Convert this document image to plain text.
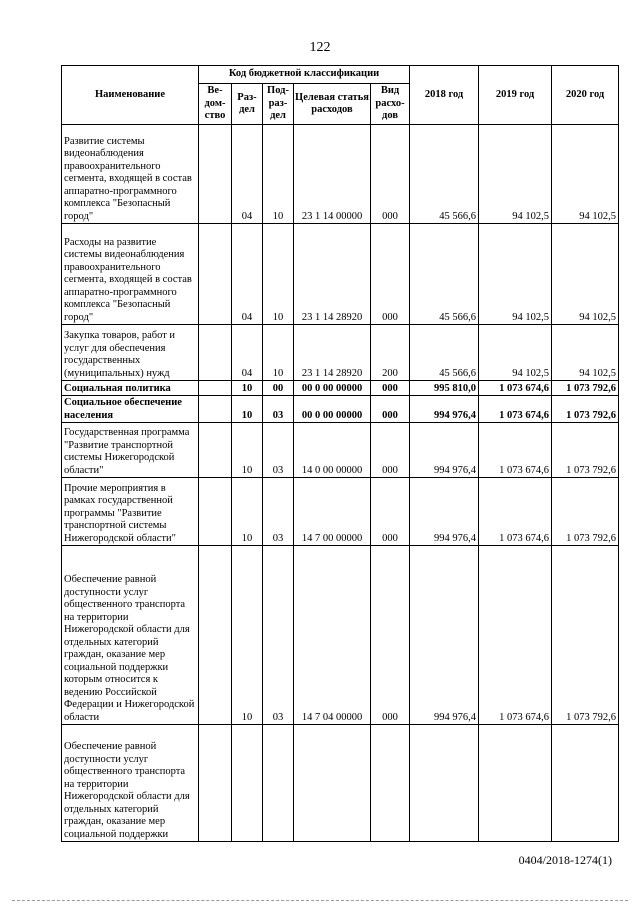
122
Наименование	Код бюджетной классификации					2018 год	2019 год	2020 год
	Ве-дом-ство	Раз-дел	Под-раз-дел	Целевая статья расходов	Вид расхо-дов			
Развитие системы видеонаблюдения правоохранительного сегмента, входящей в состав аппаратно-программного комплекса "Безопасный город"		04	10	23 1 14 00000	000	45 566,6	94 102,5	94 102,5
Расходы на развитие системы видеонаблюдения правоохранительного сегмента, входящей в состав аппаратно-программного комплекса "Безопасный город"		04	10	23 1 14 28920	000	45 566,6	94 102,5	94 102,5
Закупка товаров, работ и услуг для обеспечения государственных (муниципальных) нужд		04	10	23 1 14 28920	200	45 566,6	94 102,5	94 102,5
Социальная политика		10	00	00 0 00 00000	000	995 810,0	1 073 674,6	1 073 792,6
Социальное обеспечение населения		10	03	00 0 00 00000	000	994 976,4	1 073 674,6	1 073 792,6
Государственная программа "Развитие транспортной системы Нижегородской области"		10	03	14 0 00 00000	000	994 976,4	1 073 674,6	1 073 792,6
Прочие мероприятия в рамках государственной программы "Развитие транспортной системы Нижегородской области"		10	03	14 7 00 00000	000	994 976,4	1 073 674,6	1 073 792,6
Обеспечение равной доступности услуг общественного транспорта на территории Нижегородской области для отдельных категорий граждан, оказание мер социальной поддержки которым относится к ведению Российской Федерации и Нижегородской области		10	03	14 7 04 00000	000	994 976,4	1 073 674,6	1 073 792,6
Обеспечение равной доступности услуг общественного транспорта на территории Нижегородской области для отдельных категорий граждан, оказание мер социальной поддержки								
0404/2018-1274(1)
